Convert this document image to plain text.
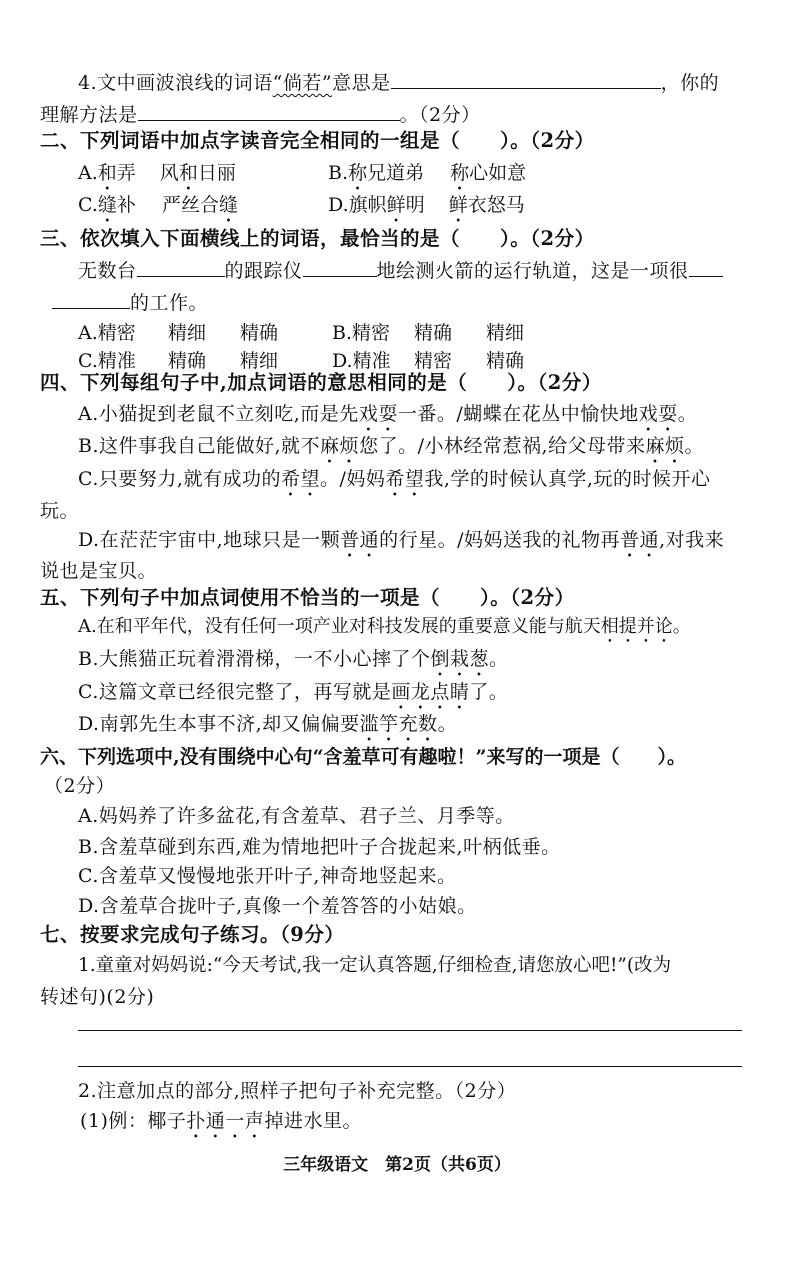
4.文中画波浪线的词语“倘若”意思是	，你的
理解方法是	。（2分）
二、下列词语中加点字读音完全相同的一组是（　　）。（2分）
A.和弄 风和日丽	B.称兄道弟 称心如意
C.缝补 严丝合缝	D.旗帜鲜明 鲜衣怒马
三、依次填入下面横线上的词语，最恰当的是（　　）。（2分）
无数台	的跟踪仪	地绘测火箭的运行轨道，这是一项很
的工作。
A.精密 精细 精确	B.精密 精确 精细
C.精准 精确 精细	D.精准 精密 精确
四、下列每组句子中,加点词语的意思相同的是（　　）。（2分）
A.小猫捉到老鼠不立刻吃,而是先戏耍一番。/蝴蝶在花丛中愉快地戏耍。
B.这件事我自己能做好,就不麻烦您了。/小林经常惹祸,给父母带来麻烦。
C.只要努力,就有成功的希望。/妈妈希望我,学的时候认真学,玩的时候开心
玩。
D.在茫茫宇宙中,地球只是一颗普通的行星。/妈妈送我的礼物再普通,对我来
说也是宝贝。
五、下列句子中加点词使用不恰当的一项是（　　）。（2分）
A.在和平年代，没有任何一项产业对科技发展的重要意义能与航天相提并论。
B.大熊猫正玩着滑滑梯，一不小心摔了个倒栽葱。
C.这篇文章已经很完整了，再写就是画龙点睛了。
D.南郭先生本事不济,却又偏偏要滥竽充数。
六、下列选项中,没有围绕中心句“含羞草可有趣啦！”来写的一项是（　　）。
（2分）
A.妈妈养了许多盆花,有含羞草、君子兰、月季等。
B.含羞草碰到东西,难为情地把叶子合拢起来,叶柄低垂。
C.含羞草又慢慢地张开叶子,神奇地竖起来。
D.含羞草合拢叶子,真像一个羞答答的小姑娘。
七、按要求完成句子练习。（9分）
1.童童对妈妈说:“今天考试,我一定认真答题,仔细检查,请您放心吧!”(改为
转述句)(2分)
2.注意加点的部分,照样子把句子补充完整。（2分）
(1)例：椰子扑通一声掉进水里。
三年级语文　第2页（共6页）
